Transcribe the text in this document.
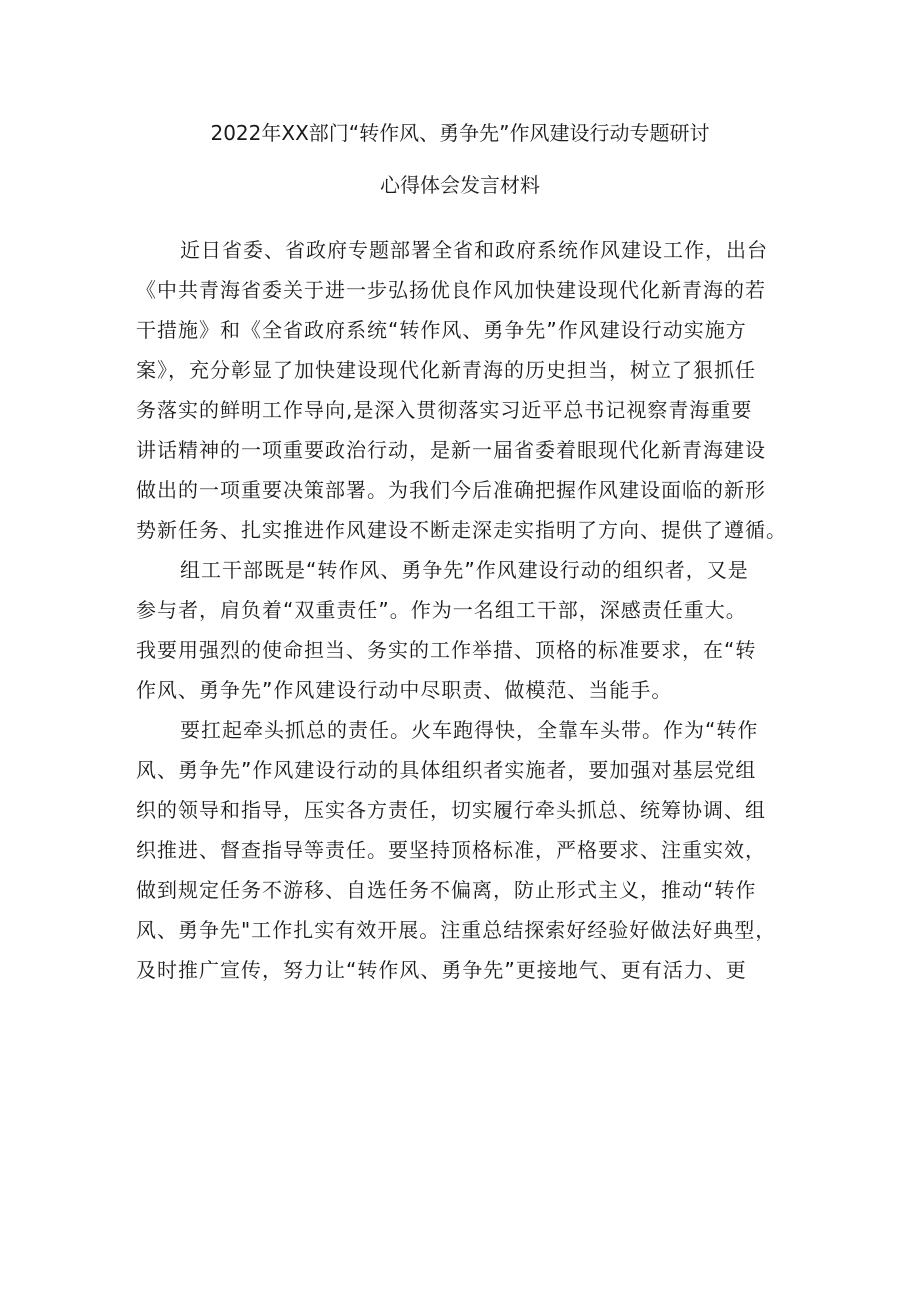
2022年XX部门“转作风、勇争先”作风建设行动专题研讨
心得体会发言材料

近日省委、省政府专题部署全省和政府系统作风建设工作，出台

《中共青海省委关于进一步弘扬优良作风加快建设现代化新青海的若

干措施》和《全省政府系统“转作风、勇争先”作风建设行动实施方

案》，充分彰显了加快建设现代化新青海的历史担当，树立了狠抓任

务落实的鲜明工作导向,是深入贯彻落实习近平总书记视察青海重要

讲话精神的一项重要政治行动，是新一届省委着眼现代化新青海建设

做出的一项重要决策部署。为我们今后准确把握作风建设面临的新形

势新任务、扎实推进作风建设不断走深走实指明了方向、提供了遵循。

组工干部既是“转作风、勇争先”作风建设行动的组织者，又是

参与者，肩负着“双重责任”。作为一名组工干部，深感责任重大。

我要用强烈的使命担当、务实的工作举措、顶格的标准要求，在“转

作风、勇争先”作风建设行动中尽职责、做模范、当能手。

要扛起牵头抓总的责任。火车跑得快，全靠车头带。作为“转作

风、勇争先”作风建设行动的具体组织者实施者，要加强对基层党组

织的领导和指导，压实各方责任，切实履行牵头抓总、统筹协调、组

织推进、督查指导等责任。要坚持顶格标准，严格要求、注重实效，

做到规定任务不游移、自选任务不偏离，防止形式主义，推动“转作

风、勇争先"工作扎实有效开展。注重总结探索好经验好做法好典型，

及时推广宣传，努力让“转作风、勇争先”更接地气、更有活力、更
